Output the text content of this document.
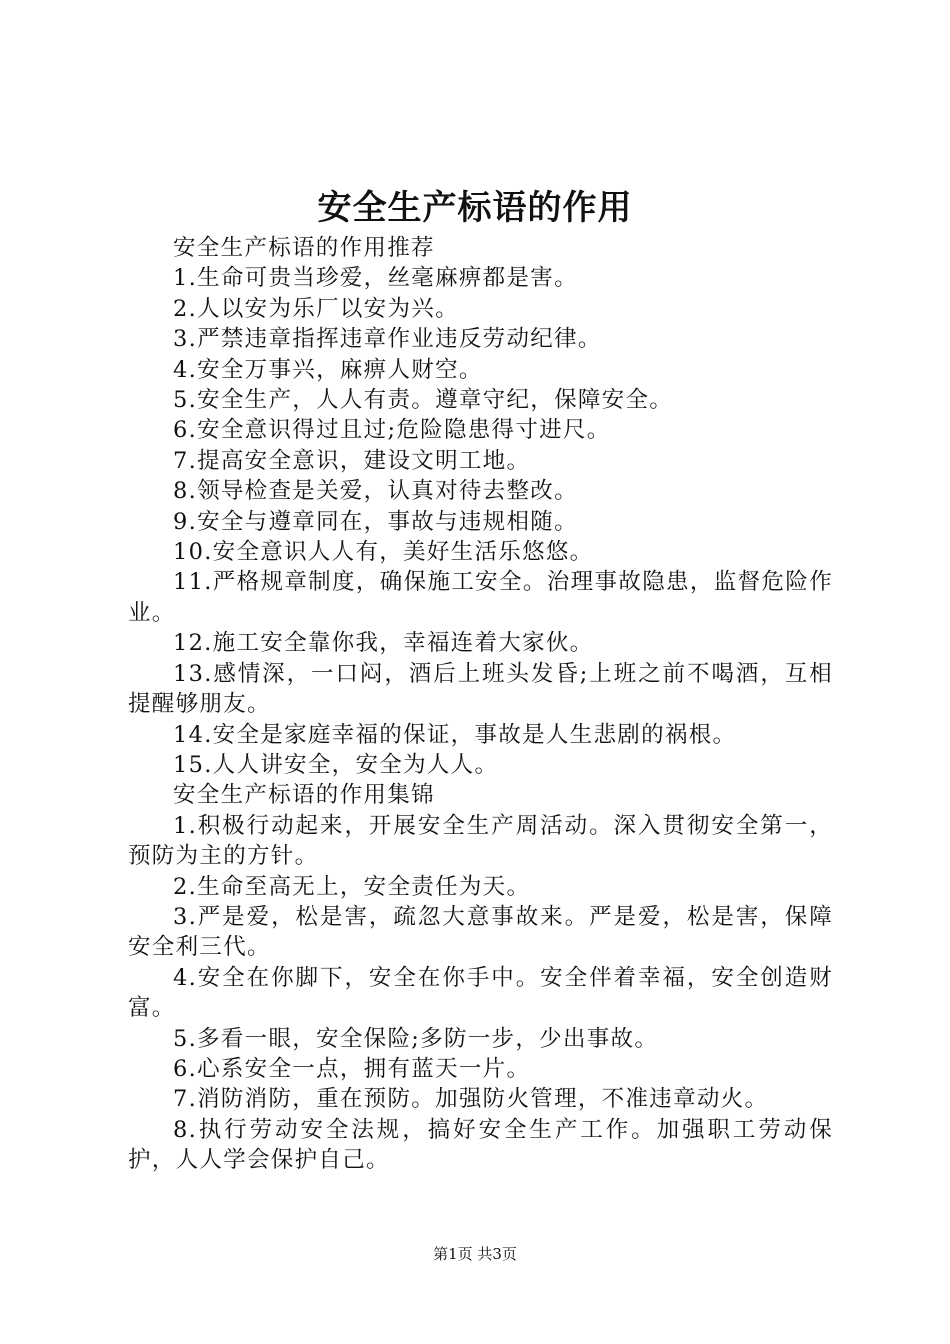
安全生产标语的作用

安全生产标语的作用推荐

1.生命可贵当珍爱，丝毫麻痹都是害。

2.人以安为乐厂以安为兴。

3.严禁违章指挥违章作业违反劳动纪律。

4.安全万事兴，麻痹人财空。

5.安全生产，人人有责。遵章守纪，保障安全。

6.安全意识得过且过;危险隐患得寸进尺。

7.提高安全意识，建设文明工地。

8.领导检查是关爱，认真对待去整改。

9.安全与遵章同在，事故与违规相随。

10.安全意识人人有，美好生活乐悠悠。

11.严格规章制度，确保施工安全。治理事故隐患，监督危险作业。

12.施工安全靠你我，幸福连着大家伙。

13.感情深，一口闷，酒后上班头发昏;上班之前不喝酒，互相提醒够朋友。

14.安全是家庭幸福的保证，事故是人生悲剧的祸根。

15.人人讲安全，安全为人人。

安全生产标语的作用集锦

1.积极行动起来，开展安全生产周活动。深入贯彻安全第一，预防为主的方针。

2.生命至高无上，安全责任为天。

3.严是爱，松是害，疏忽大意事故来。严是爱，松是害，保障安全利三代。

4.安全在你脚下，安全在你手中。安全伴着幸福，安全创造财富。

5.多看一眼，安全保险;多防一步，少出事故。

6.心系安全一点，拥有蓝天一片。

7.消防消防，重在预防。加强防火管理，不准违章动火。

8.执行劳动安全法规，搞好安全生产工作。加强职工劳动保护，人人学会保护自己。

第1页 共3页
